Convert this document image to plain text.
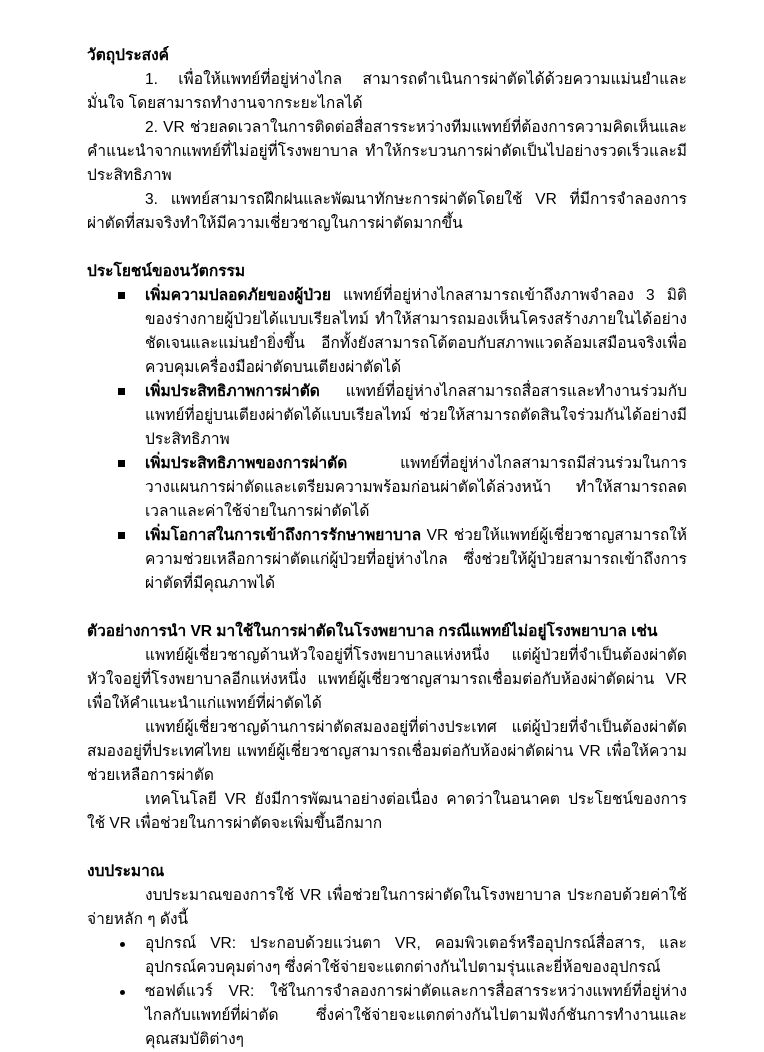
วัตถุประสงค์

1. เพื่อให้แพทย์ที่อยู่ห่างไกล สามารถดำเนินการผ่าตัดได้ด้วยความแม่นยำและมั่นใจ โดยสามารถทำงานจากระยะไกลได้

2. VR ช่วยลดเวลาในการติดต่อสื่อสารระหว่างทีมแพทย์ที่ต้องการความคิดเห็นและคำแนะนำจากแพทย์ที่ไม่อยู่ที่โรงพยาบาล ทำให้กระบวนการผ่าตัดเป็นไปอย่างรวดเร็วและมีประสิทธิภาพ

3. แพทย์สามารถฝึกฝนและพัฒนาทักษะการผ่าตัดโดยใช้ VR ที่มีการจำลองการผ่าตัดที่สมจริงทำให้มีความเชี่ยวชาญในการผ่าตัดมากขึ้น

ประโยชน์ของนวัตกรรม

เพิ่มความปลอดภัยของผู้ป่วย แพทย์ที่อยู่ห่างไกลสามารถเข้าถึงภาพจำลอง 3 มิติของร่างกายผู้ป่วยได้แบบเรียลไทม์ ทำให้สามารถมองเห็นโครงสร้างภายในได้อย่างชัดเจนและแม่นยำยิ่งขึ้น อีกทั้งยังสามารถโต้ตอบกับสภาพแวดล้อมเสมือนจริงเพื่อควบคุมเครื่องมือผ่าตัดบนเตียงผ่าตัดได้
เพิ่มประสิทธิภาพการผ่าตัด แพทย์ที่อยู่ห่างไกลสามารถสื่อสารและทำงานร่วมกับแพทย์ที่อยู่บนเตียงผ่าตัดได้แบบเรียลไทม์ ช่วยให้สามารถตัดสินใจร่วมกันได้อย่างมีประสิทธิภาพ
เพิ่มประสิทธิภาพของการผ่าตัด แพทย์ที่อยู่ห่างไกลสามารถมีส่วนร่วมในการวางแผนการผ่าตัดและเตรียมความพร้อมก่อนผ่าตัดได้ล่วงหน้า ทำให้สามารถลดเวลาและค่าใช้จ่ายในการผ่าตัดได้
เพิ่มโอกาสในการเข้าถึงการรักษาพยาบาล VR ช่วยให้แพทย์ผู้เชี่ยวชาญสามารถให้ความช่วยเหลือการผ่าตัดแก่ผู้ป่วยที่อยู่ห่างไกล ซึ่งช่วยให้ผู้ป่วยสามารถเข้าถึงการผ่าตัดที่มีคุณภาพได้

ตัวอย่างการนำ VR มาใช้ในการผ่าตัดในโรงพยาบาล กรณีแพทย์ไม่อยู่โรงพยาบาล เช่น

แพทย์ผู้เชี่ยวชาญด้านหัวใจอยู่ที่โรงพยาบาลแห่งหนึ่ง แต่ผู้ป่วยที่จำเป็นต้องผ่าตัดหัวใจอยู่ที่โรงพยาบาลอีกแห่งหนึ่ง แพทย์ผู้เชี่ยวชาญสามารถเชื่อมต่อกับห้องผ่าตัดผ่าน VR เพื่อให้คำแนะนำแก่แพทย์ที่ผ่าตัดได้

แพทย์ผู้เชี่ยวชาญด้านการผ่าตัดสมองอยู่ที่ต่างประเทศ แต่ผู้ป่วยที่จำเป็นต้องผ่าตัดสมองอยู่ที่ประเทศไทย แพทย์ผู้เชี่ยวชาญสามารถเชื่อมต่อกับห้องผ่าตัดผ่าน VR เพื่อให้ความช่วยเหลือการผ่าตัด

เทคโนโลยี VR ยังมีการพัฒนาอย่างต่อเนื่อง คาดว่าในอนาคต ประโยชน์ของการใช้ VR เพื่อช่วยในการผ่าตัดจะเพิ่มขึ้นอีกมาก

งบประมาณ

งบประมาณของการใช้ VR เพื่อช่วยในการผ่าตัดในโรงพยาบาล ประกอบด้วยค่าใช้จ่ายหลัก ๆ ดังนี้

อุปกรณ์ VR: ประกอบด้วยแว่นตา VR, คอมพิวเตอร์หรืออุปกรณ์สื่อสาร, และอุปกรณ์ควบคุมต่างๆ ซึ่งค่าใช้จ่ายจะแตกต่างกันไปตามรุ่นและยี่ห้อของอุปกรณ์
ซอฟต์แวร์ VR: ใช้ในการจำลองการผ่าตัดและการสื่อสารระหว่างแพทย์ที่อยู่ห่างไกลกับแพทย์ที่ผ่าตัด ซึ่งค่าใช้จ่ายจะแตกต่างกันไปตามฟังก์ชันการทำงานและคุณสมบัติต่างๆ
